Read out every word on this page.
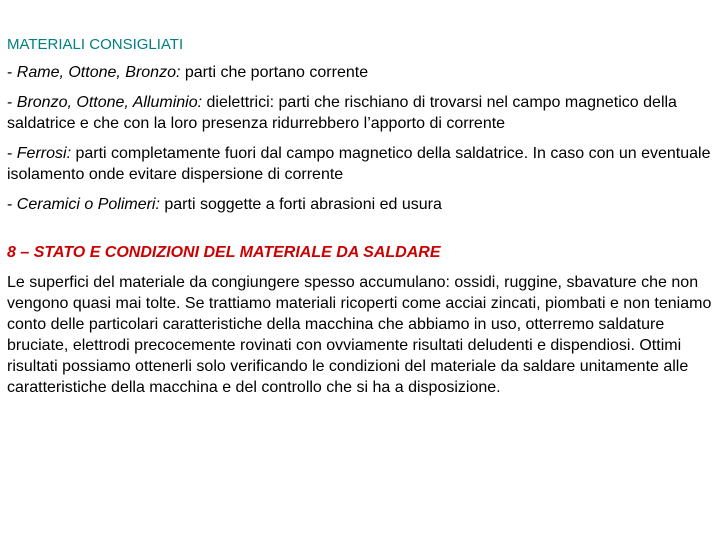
MATERIALI CONSIGLIATI
- Rame, Ottone, Bronzo: parti che portano corrente
- Bronzo, Ottone, Alluminio: dielettrici: parti che rischiano di trovarsi nel campo magnetico della saldatrice e che con la loro presenza ridurrebbero l’apporto di corrente
- Ferrosi: parti completamente fuori dal campo magnetico della saldatrice. In caso con un eventuale isolamento onde evitare dispersione di corrente
- Ceramici o Polimeri: parti soggette a forti abrasioni ed usura
8 – STATO E CONDIZIONI DEL MATERIALE DA SALDARE

Le superfici del materiale da congiungere spesso accumulano: ossidi, ruggine, sbavature che non vengono quasi mai tolte. Se trattiamo materiali ricoperti come acciai zincati, piombati e non teniamo conto delle particolari caratteristiche della macchina che abbiamo in uso, otterremo saldature bruciate, elettrodi precocemente rovinati con ovviamente risultati deludenti e dispendiosi. Ottimi risultati possiamo ottenerli solo verificando le condizioni del materiale da saldare unitamente alle caratteristiche della macchina e del controllo che si ha a disposizione.
